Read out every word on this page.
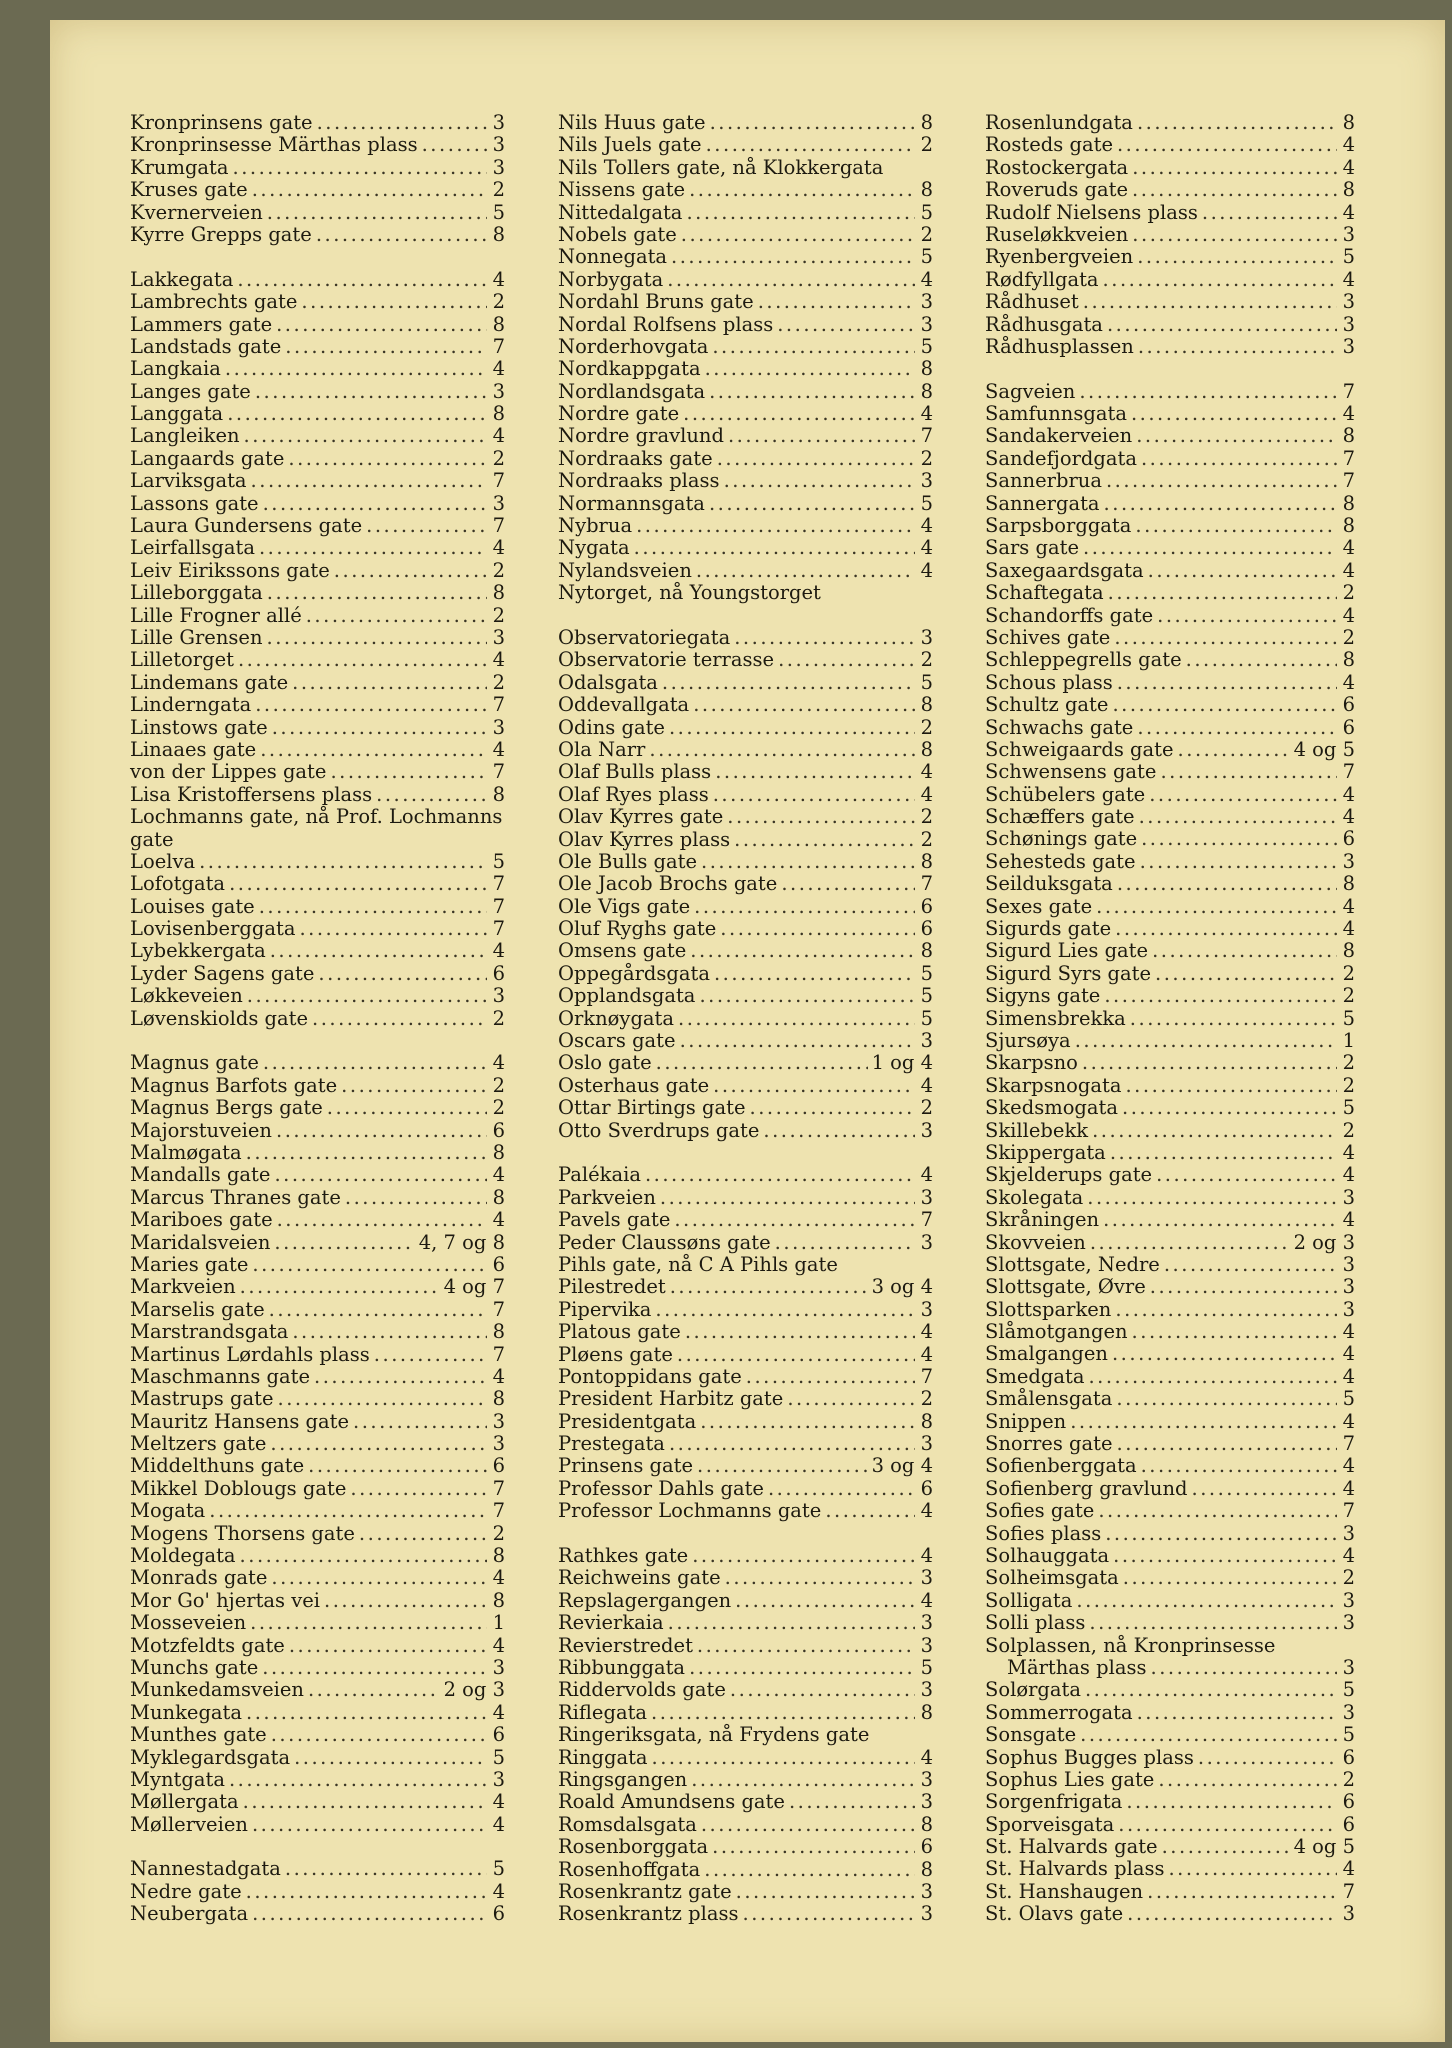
Kronprinsens gate .....	3
Kronprinsesse Märthas plass .....	3
Krumgata .....	3
Kruses gate .....	2
Kvernerveien .....	5
Kyrre Grepps gate .....	8
Lakkegata .....	4
Lambrechts gate .....	2
Lammers gate .....	8
Landstads gate .....	7
Langkaia .....	4
Langes gate .....	3
Langgata .....	8
Langleiken .....	4
Langaards gate .....	2
Larviksgata .....	7
Lassons gate .....	3
Laura Gundersens gate .....	7
Leirfallsgata .....	4
Leiv Eirikssons gate .....	2
Lilleborggata .....	8
Lille Frogner allé .....	2
Lille Grensen .....	3
Lilletorget .....	4
Lindemans gate .....	2
Linderngata .....	7
Linstows gate .....	3
Linaaes gate .....	4
von der Lippes gate .....	7
Lisa Kristoffersens plass .....	8
Lochmanns gate, nå Prof. Lochmanns gate
Loelva .....	5
Lofotgata .....	7
Louises gate .....	7
Lovisenberggata .....	7
Lybekkergata .....	4
Lyder Sagens gate .....	6
Løkkeveien .....	3
Løvenskiolds gate .....	2
Magnus gate .....	4
Magnus Barfots gate .....	2
Magnus Bergs gate .....	2
Majorstuveien .....	6
Malmøgata .....	8
Mandalls gate .....	4
Marcus Thranes gate .....	8
Mariboes gate .....	4
Maridalsveien .....	4, 7 og 8
Maries gate .....	6
Markveien .....	4 og 7
Marselis gate .....	7
Marstrandsgata .....	8
Martinus Lørdahls plass .....	7
Maschmanns gate .....	4
Mastrups gate .....	8
Mauritz Hansens gate .....	3
Meltzers gate .....	3
Middelthuns gate .....	6
Mikkel Doblougs gate .....	7
Mogata .....	7
Mogens Thorsens gate .....	2
Moldegata .....	8
Monrads gate .....	4
Mor Go' hjertas vei .....	8
Mosseveien .....	1
Motzfeldts gate .....	4
Munchs gate .....	3
Munkedamsveien .....	2 og 3
Munkegata .....	4
Munthes gate .....	6
Myklegardsgata .....	5
Myntgata .....	3
Møllergata .....	4
Møllerveien .....	4
Nannestadgata .....	5
Nedre gate .....	4
Neubergata .....	6
Nils Huus gate .....	8
Nils Juels gate .....	2
Nils Tollers gate, nå Klokkergata
Nissens gate .....	8
Nittedalgata .....	5
Nobels gate .....	2
Nonnegata .....	5
Norbygata .....	4
Nordahl Bruns gate .....	3
Nordal Rolfsens plass .....	3
Norderhovgata .....	5
Nordkappgata .....	8
Nordlandsgata .....	8
Nordre gate .....	4
Nordre gravlund .....	7
Nordraaks gate .....	2
Nordraaks plass .....	3
Normannsgata .....	5
Nybrua .....	4
Nygata .....	4
Nylandsveien .....	4
Nytorget, nå Youngstorget
Observatoriegata .....	3
Observatorie terrasse .....	2
Odalsgata .....	5
Oddevallgata .....	8
Odins gate .....	2
Ola Narr .....	8
Olaf Bulls plass .....	4
Olaf Ryes plass .....	4
Olav Kyrres gate .....	2
Olav Kyrres plass .....	2
Ole Bulls gate .....	8
Ole Jacob Brochs gate .....	7
Ole Vigs gate .....	6
Oluf Ryghs gate .....	6
Omsens gate .....	8
Oppegårdsgata .....	5
Opplandsgata .....	5
Orknøygata .....	5
Oscars gate .....	3
Oslo gate .....	1 og 4
Osterhaus gate .....	4
Ottar Birtings gate .....	2
Otto Sverdrups gate .....	3
Palékaia .....	4
Parkveien .....	3
Pavels gate .....	7
Peder Claussøns gate .....	3
Pihls gate, nå C A Pihls gate
Pilestredet .....	3 og 4
Pipervika .....	3
Platous gate .....	4
Pløens gate .....	4
Pontoppidans gate .....	7
President Harbitz gate .....	2
Presidentgata .....	8
Prestegata .....	3
Prinsens gate .....	3 og 4
Professor Dahls gate .....	6
Professor Lochmanns gate .....	4
Rathkes gate .....	4
Reichweins gate .....	3
Repslagergangen .....	4
Revierkaia .....	3
Revierstredet .....	3
Ribbunggata .....	5
Riddervolds gate .....	3
Riflegata .....	8
Ringeriksgata, nå Frydens gate
Ringgata .....	4
Ringsgangen .....	3
Roald Amundsens gate .....	3
Romsdalsgata .....	8
Rosenborggata .....	6
Rosenhoffgata .....	8
Rosenkrantz gate .....	3
Rosenkrantz plass .....	3
Rosenlundgata .....	8
Rosteds gate .....	4
Rostockergata .....	4
Roveruds gate .....	8
Rudolf Nielsens plass .....	4
Ruseløkkveien .....	3
Ryenbergveien .....	5
Rødfyllgata .....	4
Rådhuset .....	3
Rådhusgata .....	3
Rådhusplassen .....	3
Sagveien .....	7
Samfunnsgata .....	4
Sandakerveien .....	8
Sandefjordgata .....	7
Sannerbrua .....	7
Sannergata .....	8
Sarpsborggata .....	8
Sars gate .....	4
Saxegaardsgata .....	4
Schaftegata .....	2
Schandorffs gate .....	4
Schives gate .....	2
Schleppegrells gate .....	8
Schous plass .....	4
Schultz gate .....	6
Schwachs gate .....	6
Schweigaards gate .....	4 og 5
Schwensens gate .....	7
Schübelers gate .....	4
Schæffers gate .....	4
Schønings gate .....	6
Sehesteds gate .....	3
Seilduksgata .....	8
Sexes gate .....	4
Sigurds gate .....	4
Sigurd Lies gate .....	8
Sigurd Syrs gate .....	2
Sigyns gate .....	2
Simensbrekka .....	5
Sjursøya .....	1
Skarpsno .....	2
Skarpsnogata .....	2
Skedsmogata .....	5
Skillebekk .....	2
Skippergata .....	4
Skjelderups gate .....	4
Skolegata .....	3
Skråningen .....	4
Skovveien .....	2 og 3
Slottsgate, Nedre .....	3
Slottsgate, Øvre .....	3
Slottsparken .....	3
Slåmotgangen .....	4
Smalgangen .....	4
Smedgata .....	4
Smålensgata .....	5
Snippen .....	4
Snorres gate .....	7
Sofienberggata .....	4
Sofienberg gravlund .....	4
Sofies gate .....	7
Sofies plass .....	3
Solhauggata .....	4
Solheimsgata .....	2
Solligata .....	3
Solli plass .....	3
Solplassen, nå Kronprinsesse
Märthas plass .....	3
Solørgata .....	5
Sommerrogata .....	3
Sonsgate .....	5
Sophus Bugges plass .....	6
Sophus Lies gate .....	2
Sorgenfrigata .....	6
Sporveisgata .....	6
St. Halvards gate .....	4 og 5
St. Halvards plass .....	4
St. Hanshaugen .....	7
St. Olavs gate .....	3
